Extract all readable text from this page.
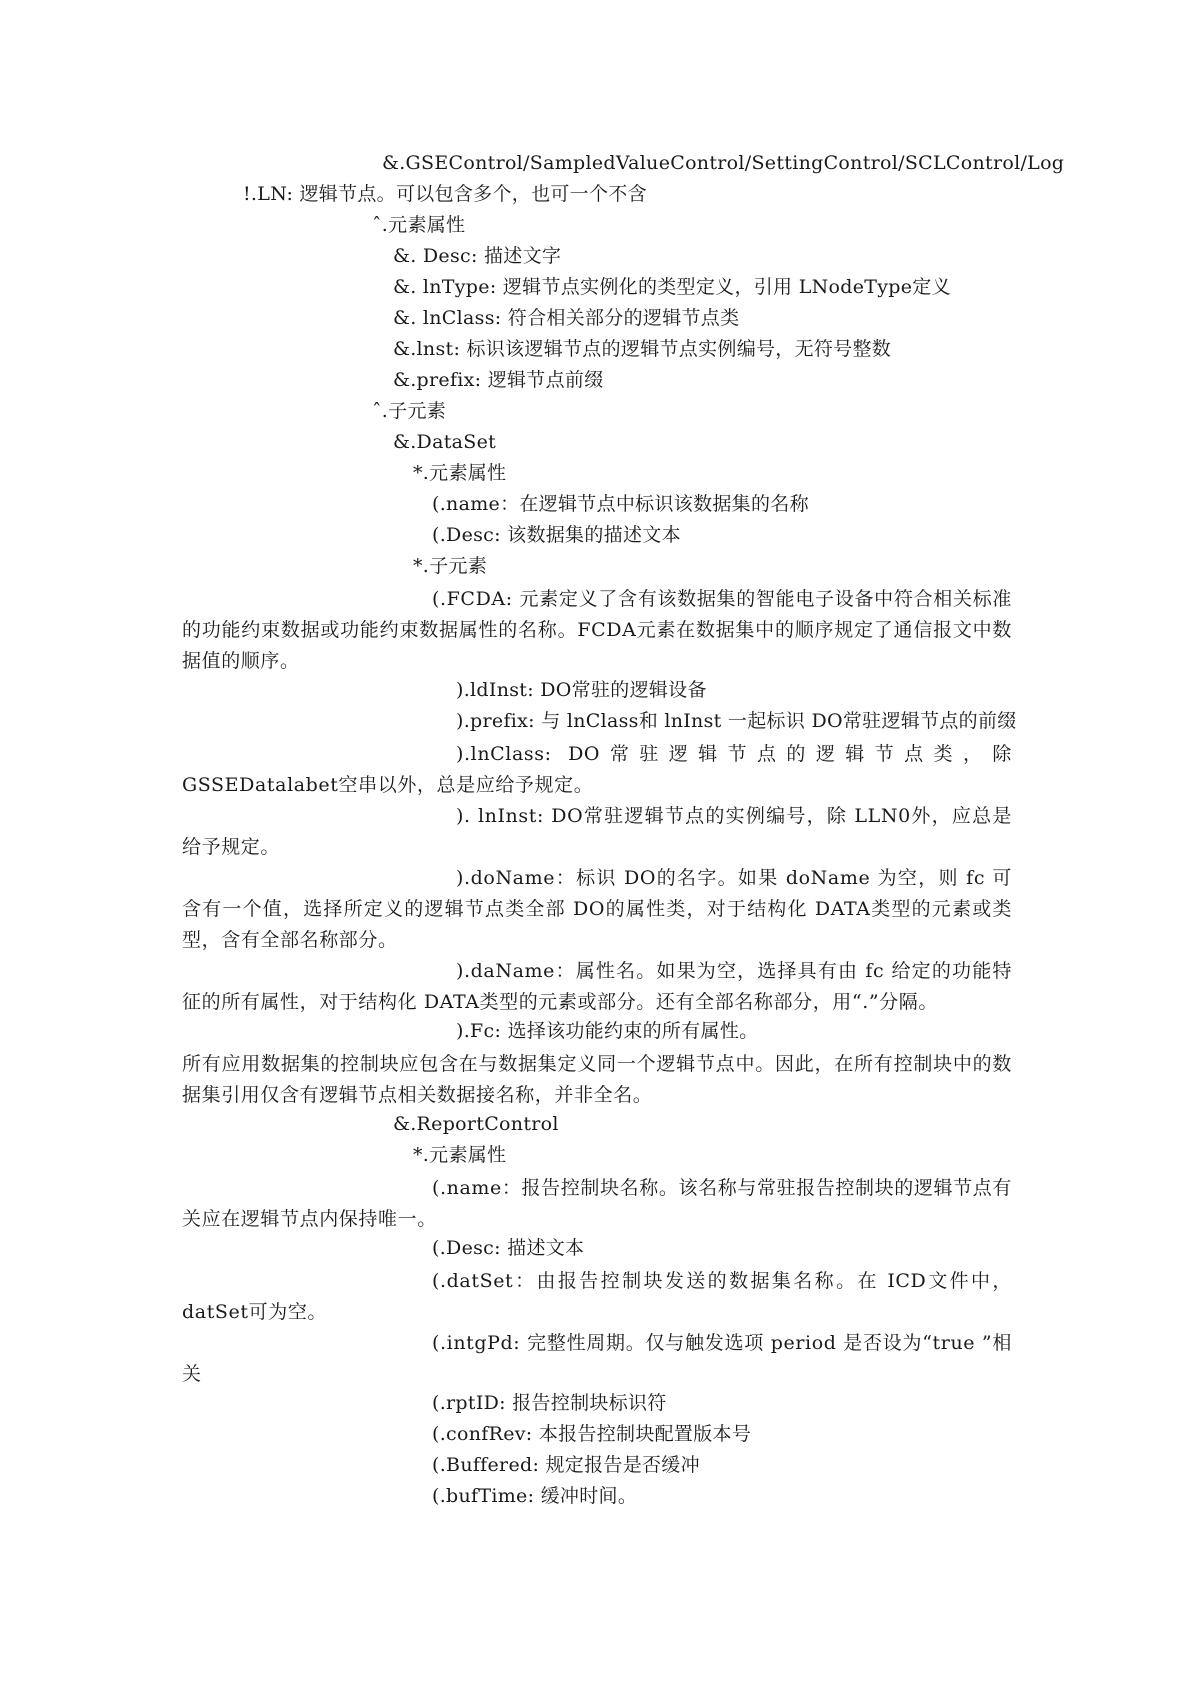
&.GSEControl/SampledValueControl/SettingControl/SCLControl/Log
!.LN: 逻辑节点。可以包含多个，也可一个不含
ˆ.元素属性
&. Desc: 描述文字
&. lnType: 逻辑节点实例化的类型定义，引用 LNodeType定义
&. lnClass: 符合相关部分的逻辑节点类
&.lnst: 标识该逻辑节点的逻辑节点实例编号，无符号整数
&.prefix: 逻辑节点前缀
ˆ.子元素
&.DataSet
*.元素属性
(.name：在逻辑节点中标识该数据集的名称
(.Desc: 该数据集的描述文本
*.子元素
(.FCDA: 元素定义了含有该数据集的智能电子设备中符合相关标准的功能约束数据或功能约束数据属性的名称。FCDA元素在数据集中的顺序规定了通信报文中数据值的顺序。
).ldInst: DO常驻的逻辑设备
).prefix: 与 lnClass和 lnInst 一起标识 DO常驻逻辑节点的前缀
).lnClass: DO常驻逻辑节点的逻辑节点类，除 GSSEDatalabet空串以外，总是应给予规定。
). lnInst: DO常驻逻辑节点的实例编号，除 LLN0外，应总是给予规定。
).doName：标识 DO的名字。如果 doName 为空，则 fc 可含有一个值，选择所定义的逻辑节点类全部 DO的属性类，对于结构化 DATA类型的元素或类型，含有全部名称部分。
).daName：属性名。如果为空，选择具有由 fc 给定的功能特征的所有属性，对于结构化 DATA类型的元素或部分。还有全部名称部分，用“.”分隔。
).Fc: 选择该功能约束的所有属性。
所有应用数据集的控制块应包含在与数据集定义同一个逻辑节点中。因此，在所有控制块中的数据集引用仅含有逻辑节点相关数据接名称，并非全名。
&.ReportControl
*.元素属性
(.name：报告控制块名称。该名称与常驻报告控制块的逻辑节点有关应在逻辑节点内保持唯一。
(.Desc: 描述文本
(.datSet：由报告控制块发送的数据集名称。在 ICD文件中，datSet可为空。
(.intgPd: 完整性周期。仅与触发选项 period 是否设为“true ”相关
(.rptID: 报告控制块标识符
(.confRev: 本报告控制块配置版本号
(.Buffered: 规定报告是否缓冲
(.bufTime: 缓冲时间。
